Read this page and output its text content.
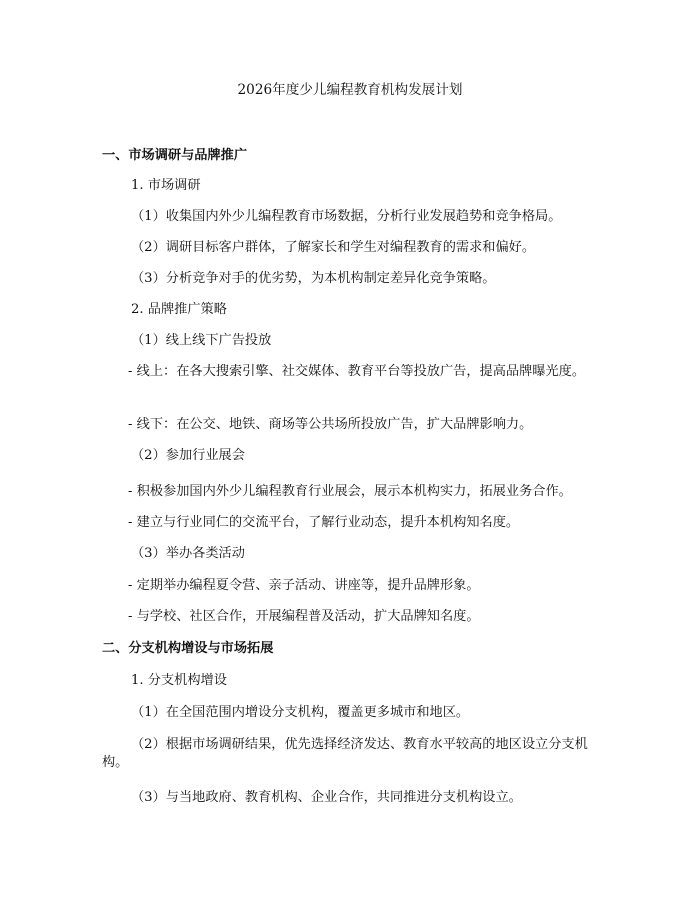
2026年度少儿编程教育机构发展计划
一、市场调研与品牌推广
1. 市场调研
（1）收集国内外少儿编程教育市场数据，分析行业发展趋势和竞争格局。
（2）调研目标客户群体，了解家长和学生对编程教育的需求和偏好。
（3）分析竞争对手的优劣势，为本机构制定差异化竞争策略。
2. 品牌推广策略
（1）线上线下广告投放
- 线上：在各大搜索引擎、社交媒体、教育平台等投放广告，提高品牌曝光度。
- 线下：在公交、地铁、商场等公共场所投放广告，扩大品牌影响力。
（2）参加行业展会
- 积极参加国内外少儿编程教育行业展会，展示本机构实力，拓展业务合作。
- 建立与行业同仁的交流平台，了解行业动态，提升本机构知名度。
（3）举办各类活动
- 定期举办编程夏令营、亲子活动、讲座等，提升品牌形象。
- 与学校、社区合作，开展编程普及活动，扩大品牌知名度。
二、分支机构增设与市场拓展
1. 分支机构增设
（1）在全国范围内增设分支机构，覆盖更多城市和地区。
（2）根据市场调研结果，优先选择经济发达、教育水平较高的地区设立分支机构。
（3）与当地政府、教育机构、企业合作，共同推进分支机构设立。
